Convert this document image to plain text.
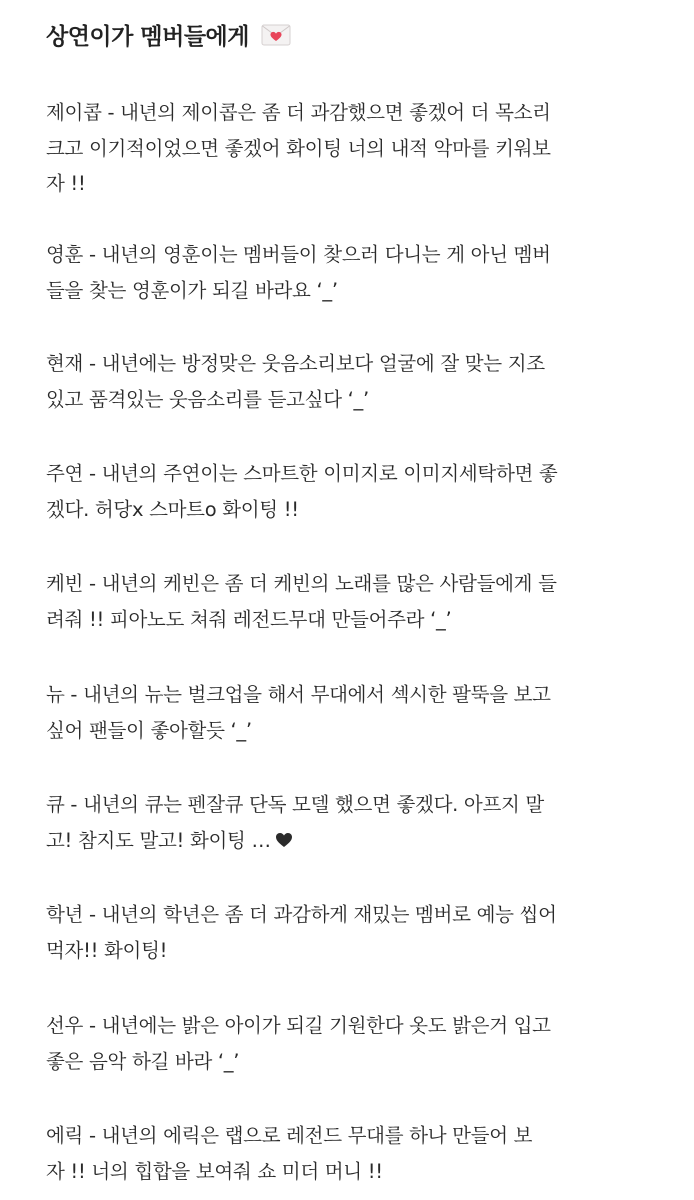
상연이가 멤버들에게
제이콥 - 내년의 제이콥은 좀 더 과감했으면 좋겠어 더 목소리
크고 이기적이었으면 좋겠어 화이팅 너의 내적 악마를 키워보
자 !!
영훈 - 내년의 영훈이는 멤버들이 찾으러 다니는 게 아닌 멤버
들을 찾는 영훈이가 되길 바라요 ‘_’
현재 - 내년에는 방정맞은 웃음소리보다 얼굴에 잘 맞는 지조
있고 품격있는 웃음소리를 듣고싶다 ‘_’
주연 - 내년의 주연이는 스마트한 이미지로 이미지세탁하면 좋
겠다. 허당x 스마트o 화이팅 !!
케빈 - 내년의 케빈은 좀 더 케빈의 노래를 많은 사람들에게 들
려줘 !! 피아노도 쳐줘 레전드무대 만들어주라 ‘_’
뉴 - 내년의 뉴는 벌크업을 해서 무대에서 섹시한 팔뚝을 보고
싶어 팬들이 좋아할듯 ‘_’
큐 - 내년의 큐는 펜잘큐 단독 모델 했으면 좋겠다. 아프지 말
고! 참지도 말고! 화이팅 …
학년 - 내년의 학년은 좀 더 과감하게 재밌는 멤버로 예능 씹어
먹자!! 화이팅!
선우 - 내년에는 밝은 아이가 되길 기원한다 옷도 밝은거 입고
좋은 음악 하길 바라 ‘_’
에릭 - 내년의 에릭은 랩으로 레전드 무대를 하나 만들어 보
자 !! 너의 힙합을 보여줘 쇼 미더 머니 !!
